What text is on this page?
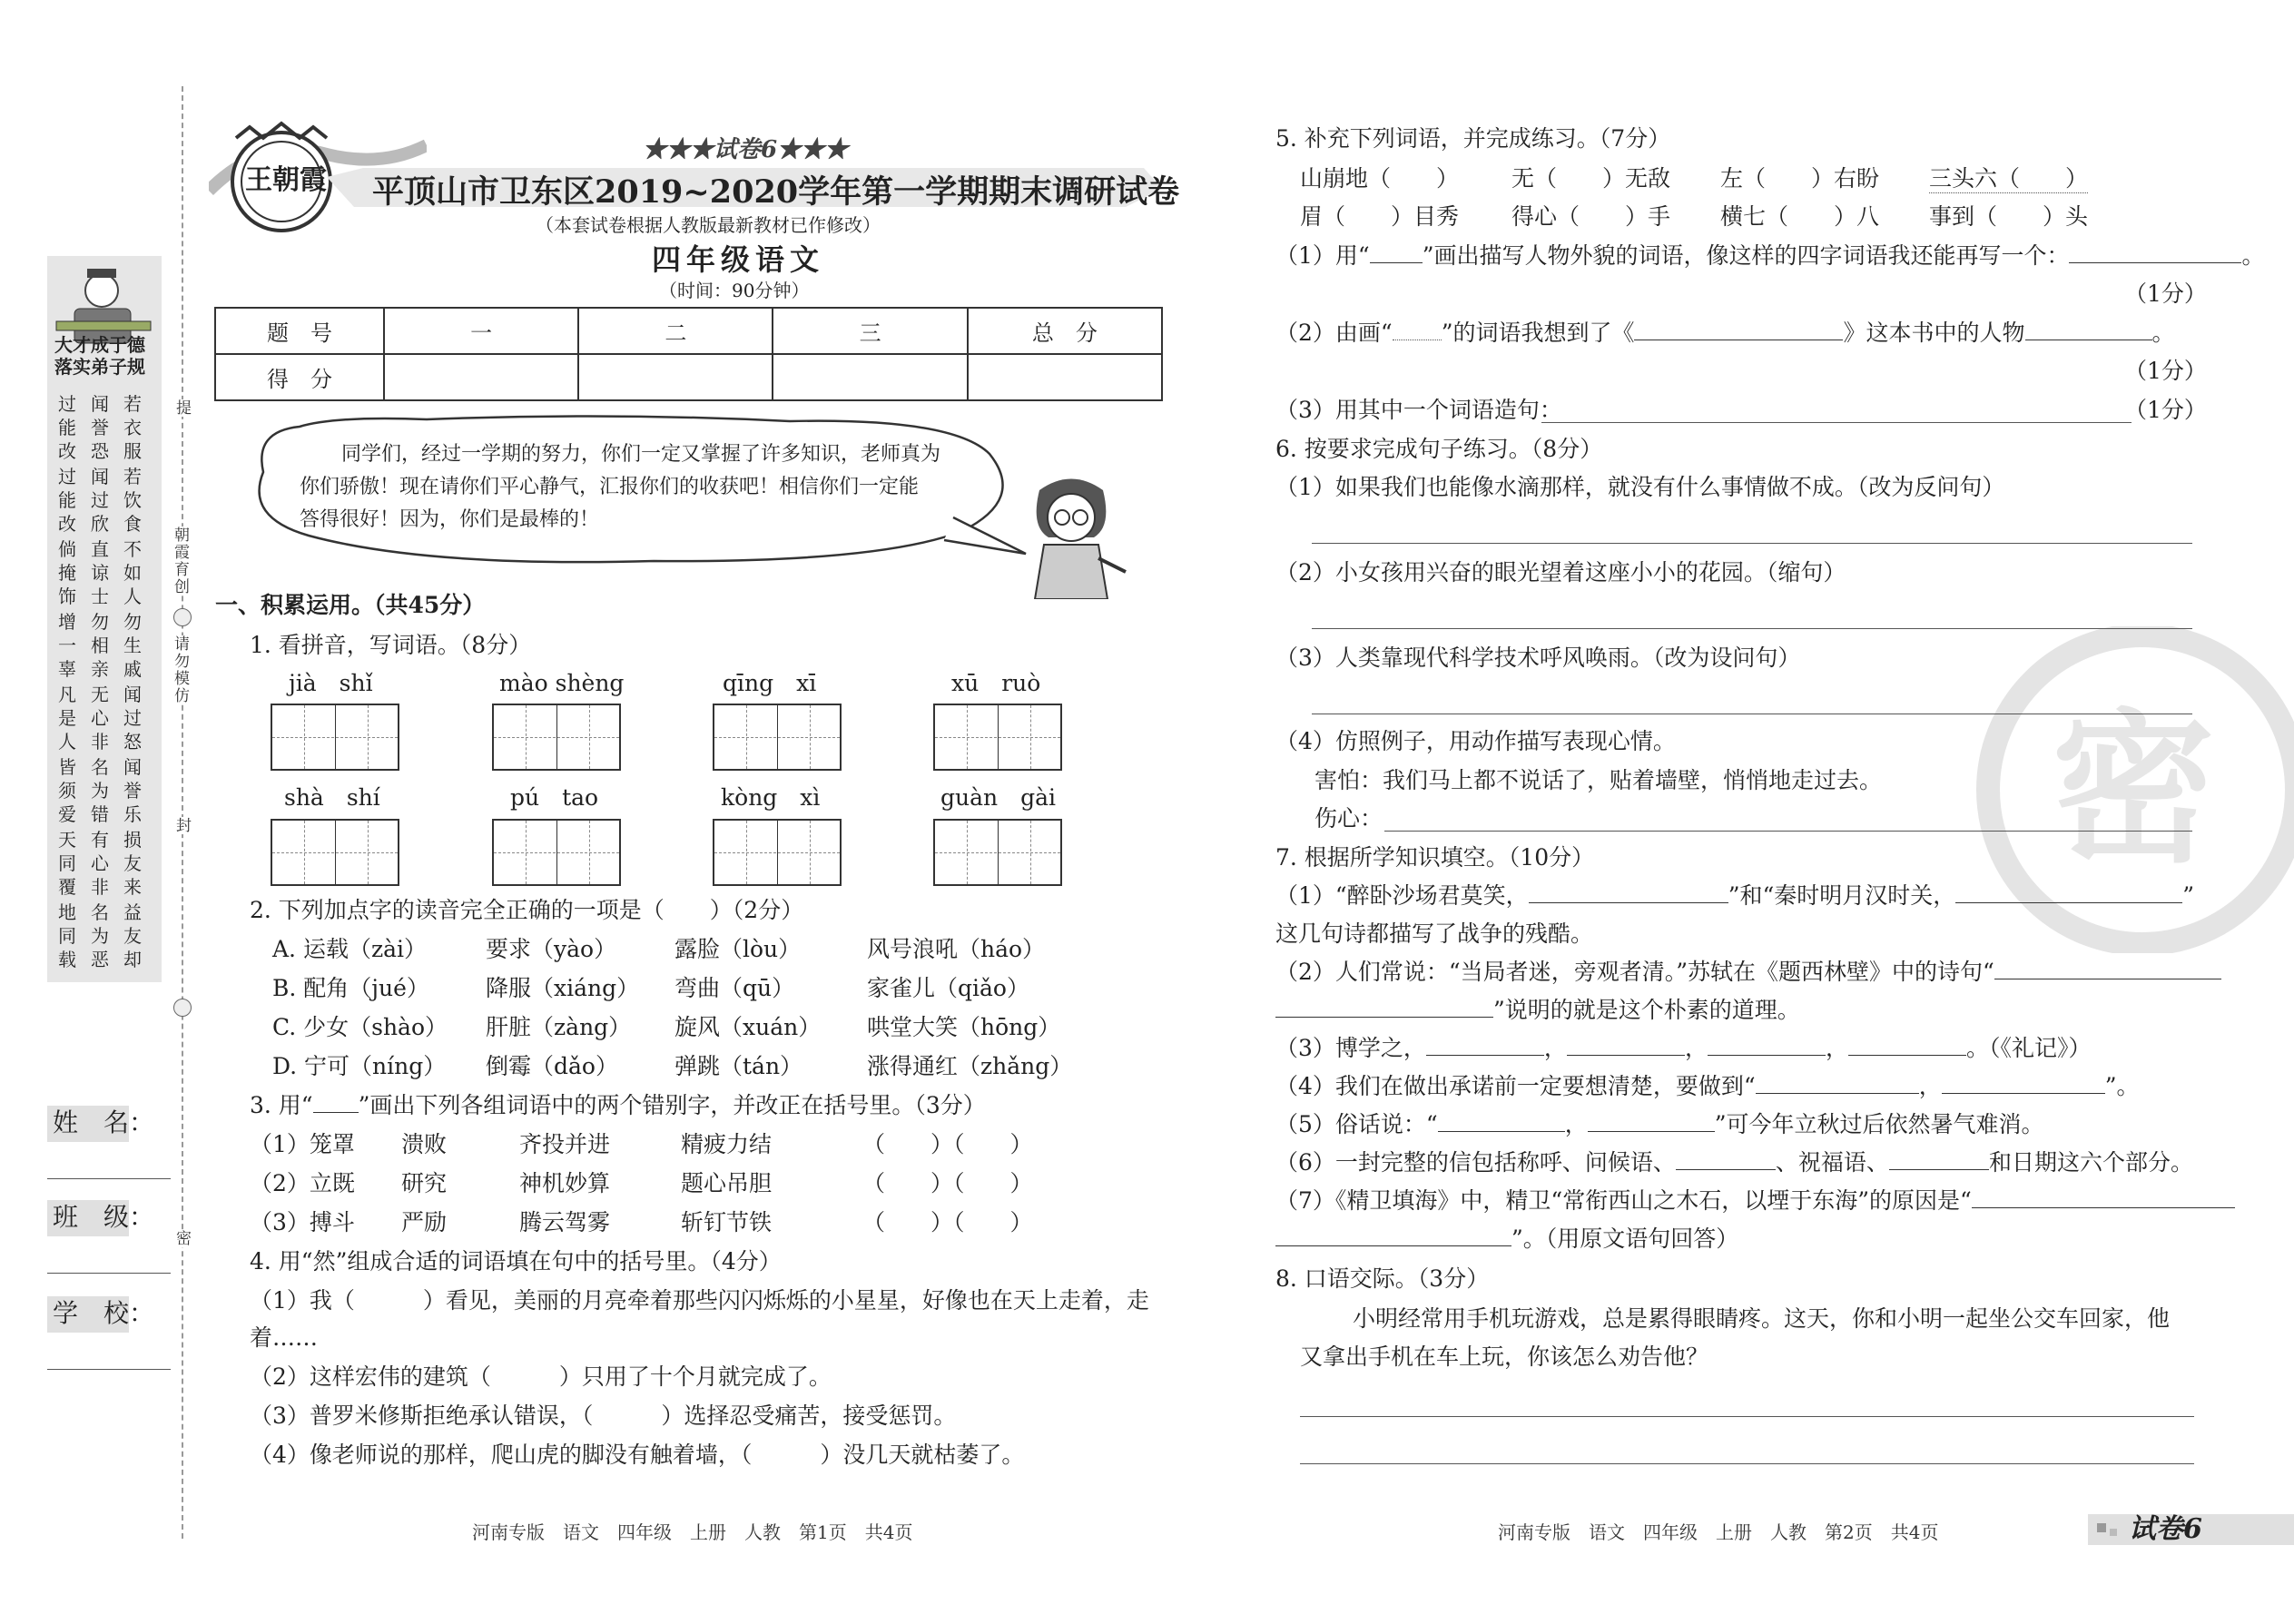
提
朝霞育创
请勿模仿
封
密
大才成于德
落实弟子规
过能改
闻誉恐
若衣服
过能改
闻过欣
若饮食
倘掩饰
直谅士
不如人
增一辜
勿相亲
勿生戚
凡是人
无心非
闻过怒
皆须爱
名为错
闻誉乐
天同覆
有心非
损友来
地同载
名为恶
益友却
姓　名：
班　级：
学　校：
王朝霞
★★★试卷6★★★
平顶山市卫东区2019~2020学年第一学期期末调研试卷
（本套试卷根据人教版最新教材已作修改）
四年级语文
（时间：90分钟）
题　号	一	二	三	总　分
得　分				
同学们，经过一学期的努力，你们一定又掌握了许多知识，老师真为
你们骄傲！现在请你们平心静气，汇报你们的收获吧！相信你们一定能
答得很好！因为，你们是最棒的！
一、积累运用。（共45分）
1. 看拼音，写词语。（8分）
jià　shǐ	mào shèng	qīng　xī	xū　ruò
shà　shí	pú　tao	kòng　xì	guàn　gài
2. 下列加点字的读音完全正确的一项是（　　）（2分）
A. 运载（zài）	要求（yào）	露脸（lòu）	风号浪吼（háo）
B. 配角（jué） 降服（xiáng） 弯曲（qū）	家雀儿（qiǎo）
C. 少女（shào） 肝脏（zàng） 旋风（xuán） 哄堂大笑（hōng）
D. 宁可（níng） 倒霉（dǎo） 弹跳（tán）	涨得通红（zhǎng）
3. 用“ ”画出下列各组词语中的两个错别字，并改正在括号里。（3分）
（1）笼罩 溃败	齐投并进	精疲力结	（　　）（　　）
（2）立既 研究	神机妙算	题心吊胆	（　　）（　　）
（3）搏斗 严励	腾云驾雾	斩钉节铁	（　　）（　　）
4. 用“然”组成合适的词语填在句中的括号里。（4分）
（1）我（　　　）看见，美丽的月亮牵着那些闪闪烁烁的小星星，好像也在天上走着，走
着……
（2）这样宏伟的建筑（　　　）只用了十个月就完成了。
（3）普罗米修斯拒绝承认错误，（　　　）选择忍受痛苦，接受惩罚。
（4）像老师说的那样，爬山虎的脚没有触着墙，（　　　）没几天就枯萎了。
河南专版　语文　四年级　上册　人教　第1页　共4页
密
5. 补充下列词语，并完成练习。（7分）
山崩地（　　） 无（　　）无敌 左（　　）右盼 三头六（　　）
眉（　　）目秀 得心（　　）手 横七（　　）八 事到（　　）头
（1）用“ ”画出描写人物外貌的词语，像这样的四字词语我还能再写一个：	。
（1分）
（2）由画“ ”的词语我想到了《	》这本书中的人物	。
（1分）
（3）用其中一个词语造句：	（1分）
6. 按要求完成句子练习。（8分）
（1）如果我们也能像水滴那样，就没有什么事情做不成。（改为反问句）
（2）小女孩用兴奋的眼光望着这座小小的花园。（缩句）
（3）人类靠现代科学技术呼风唤雨。（改为设问句）
（4）仿照例子，用动作描写表现心情。
害怕：我们马上都不说话了，贴着墙壁，悄悄地走过去。
伤心：
7. 根据所学知识填空。（10分）
（1）“醉卧沙场君莫笑，	”和“秦时明月汉时关，	”
这几句诗都描写了战争的残酷。
（2）人们常说：“当局者迷，旁观者清。”苏轼在《题西林壁》中的诗句“
”说明的就是这个朴素的道理。
（3）博学之，	，	，	，	。（《礼记》）
（4）我们在做出承诺前一定要想清楚，要做到“	，	”。
（5）俗话说：“	，	”可今年立秋过后依然暑气难消。
（6）一封完整的信包括称呼、问候语、	、祝福语、	和日期这六个部分。
（7）《精卫填海》中，精卫“常衔西山之木石，以堙于东海”的原因是“
”。（用原文语句回答）
8. 口语交际。（3分）
小明经常用手机玩游戏，总是累得眼睛疼。这天，你和小明一起坐公交车回家，他
又拿出手机在车上玩，你该怎么劝告他？
河南专版　语文　四年级　上册　人教　第2页　共4页	试卷6
